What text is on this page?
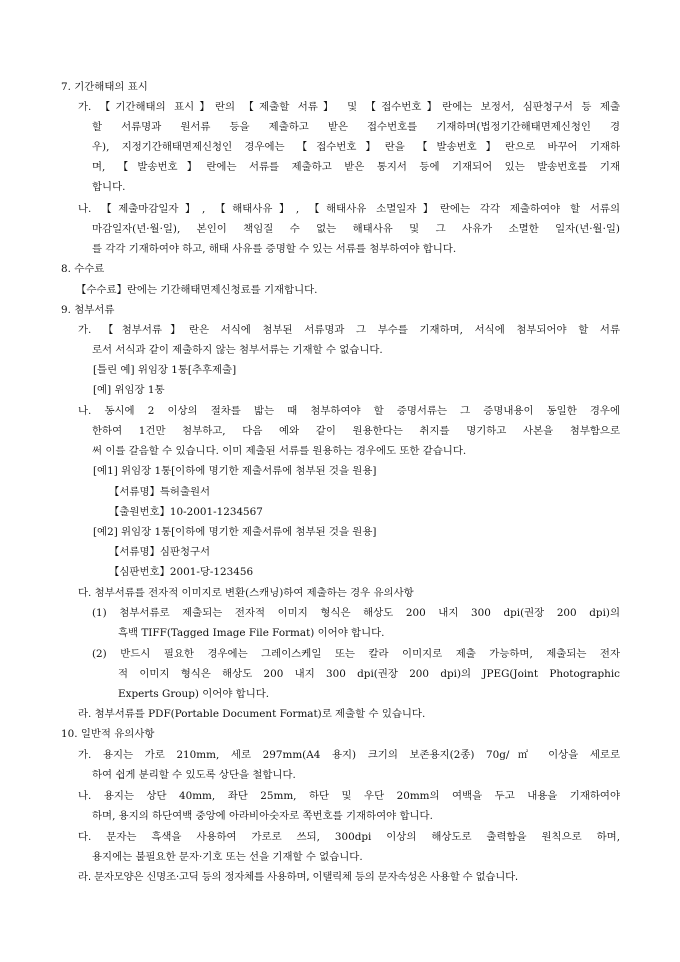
7. 기간해태의 표시
가. 【기간해태의 표시】란의 【제출할 서류】 및 【접수번호】란에는 보정서, 심판청구서 등 제출
할 서류명과 원서류 등을 제출하고 받은 접수번호를 기재하며(법정기간해태면제신청인 경
우), 지정기간해태면제신청인 경우에는 【접수번호】란을 【발송번호】란으로 바꾸어 기재하
며, 【발송번호】란에는 서류를 제출하고 받은 통지서 등에 기재되어 있는 발송번호를 기재
합니다.
나. 【제출마감일자】, 【해태사유】, 【해태사유 소멸일자】란에는 각각 제출하여야 할 서류의
마감일자(년·월·일), 본인이 책임질 수 없는 해태사유 및 그 사유가 소멸한 일자(년·월·일)
를 각각 기재하여야 하고, 해태 사유를 증명할 수 있는 서류를 첨부하여야 합니다.
8. 수수료
【수수료】란에는 기간해태면제신청료를 기재합니다.
9. 첨부서류
가. 【첨부서류】란은 서식에 첨부된 서류명과 그 부수를 기재하며, 서식에 첨부되어야 할 서류
로서 서식과 같이 제출하지 않는 첨부서류는 기재할 수 없습니다.
[틀린 예] 위임장 1통[추후제출]
[예] 위임장 1통
나. 동시에 2 이상의 절차를 밟는 때 첨부하여야 할 증명서류는 그 증명내용이 동일한 경우에
한하여 1건만 첨부하고, 다음 예와 같이 원용한다는 취지를 명기하고 사본을 첨부함으로
써 이를 갈음할 수 있습니다. 이미 제출된 서류를 원용하는 경우에도 또한 같습니다.
[예1] 위임장 1통[이하에 명기한 제출서류에 첨부된 것을 원용]
【서류명】특허출원서
【출원번호】10-2001-1234567
[예2] 위임장 1통[이하에 명기한 제출서류에 첨부된 것을 원용]
【서류명】심판청구서
【심판번호】2001-당-123456
다. 첨부서류를 전자적 이미지로 변환(스캐닝)하여 제출하는 경우 유의사항
(1) 첨부서류로 제출되는 전자적 이미지 형식은 해상도 200 내지 300 dpi(권장 200 dpi)의
흑백 TIFF(Tagged Image File Format) 이어야 합니다.
(2) 반드시 필요한 경우에는 그레이스케일 또는 칼라 이미지로 제출 가능하며, 제출되는 전자
적 이미지 형식은 해상도 200 내지 300 dpi(권장 200 dpi)의 JPEG(Joint Photographic
Experts Group) 이어야 합니다.
라. 첨부서류를 PDF(Portable Document Format)로 제출할 수 있습니다.
10. 일반적 유의사항
가. 용지는 가로 210mm, 세로 297mm(A4 용지) 크기의 보존용지(2종) 70g/㎡ 이상을 세로로
하여 쉽게 분리할 수 있도록 상단을 철합니다.
나. 용지는 상단 40mm, 좌단 25mm, 하단 및 우단 20mm의 여백을 두고 내용을 기재하여야
하며, 용지의 하단여백 중앙에 아라비아숫자로 쪽번호를 기재하여야 합니다.
다. 문자는 흑색을 사용하여 가로로 쓰되, 300dpi 이상의 해상도로 출력함을 원칙으로 하며,
용지에는 불필요한 문자·기호 또는 선을 기재할 수 없습니다.
라. 문자모양은 신명조·고딕 등의 정자체를 사용하며, 이탤릭체 등의 문자속성은 사용할 수 없습니다.
